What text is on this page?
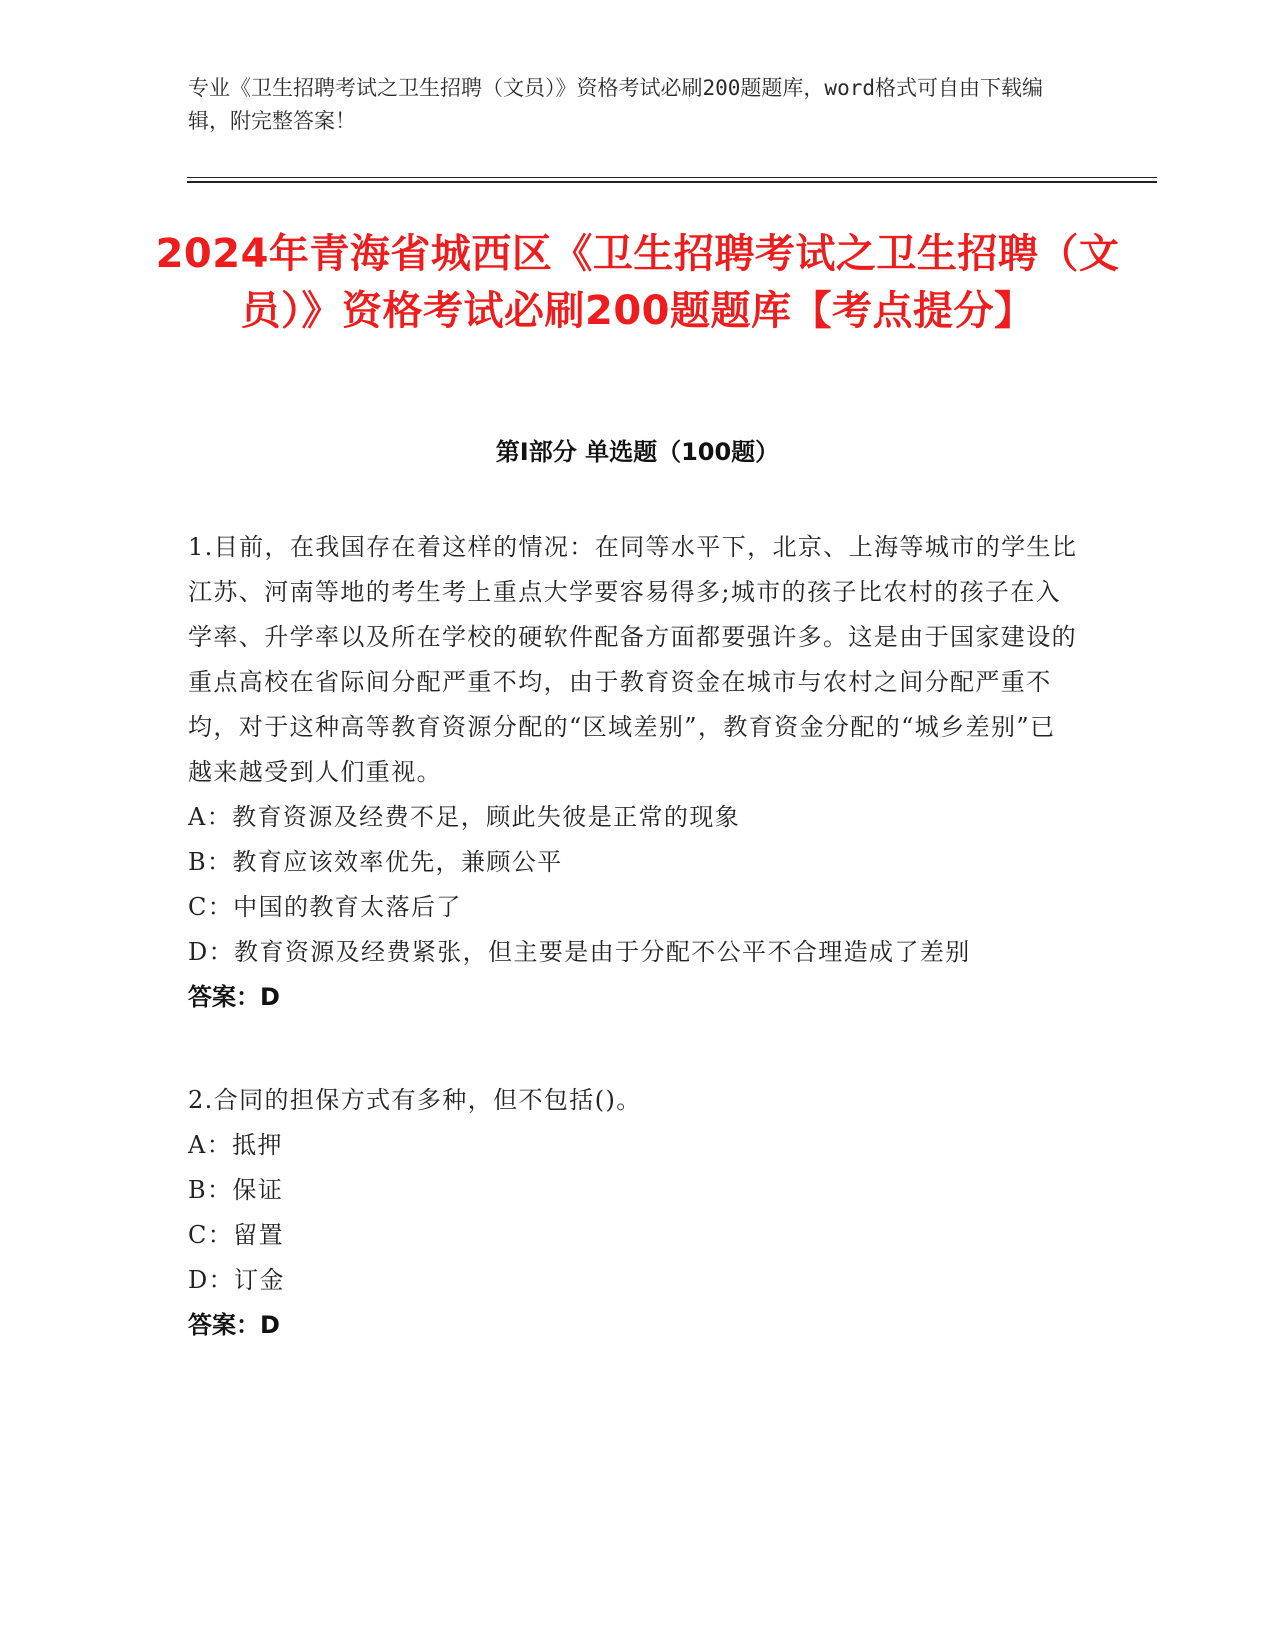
专业《卫生招聘考试之卫生招聘（文员）》资格考试必刷200题题库，word格式可自由下载编辑，附完整答案！
2024年青海省城西区《卫生招聘考试之卫生招聘（文员）》资格考试必刷200题题库【考点提分】
第Ⅰ部分 单选题（100题）
1.目前，在我国存在着这样的情况：在同等水平下，北京、上海等城市的学生比江苏、河南等地的考生考上重点大学要容易得多;城市的孩子比农村的孩子在入学率、升学率以及所在学校的硬软件配备方面都要强许多。这是由于国家建设的重点高校在省际间分配严重不均，由于教育资金在城市与农村之间分配严重不均，对于这种高等教育资源分配的“区域差别”，教育资金分配的“城乡差别”已越来越受到人们重视。
A：教育资源及经费不足，顾此失彼是正常的现象
B：教育应该效率优先，兼顾公平
C：中国的教育太落后了
D：教育资源及经费紧张，但主要是由于分配不公平不合理造成了差别
答案：D
2.合同的担保方式有多种，但不包括()。
A：抵押
B：保证
C：留置
D：订金
答案：D
